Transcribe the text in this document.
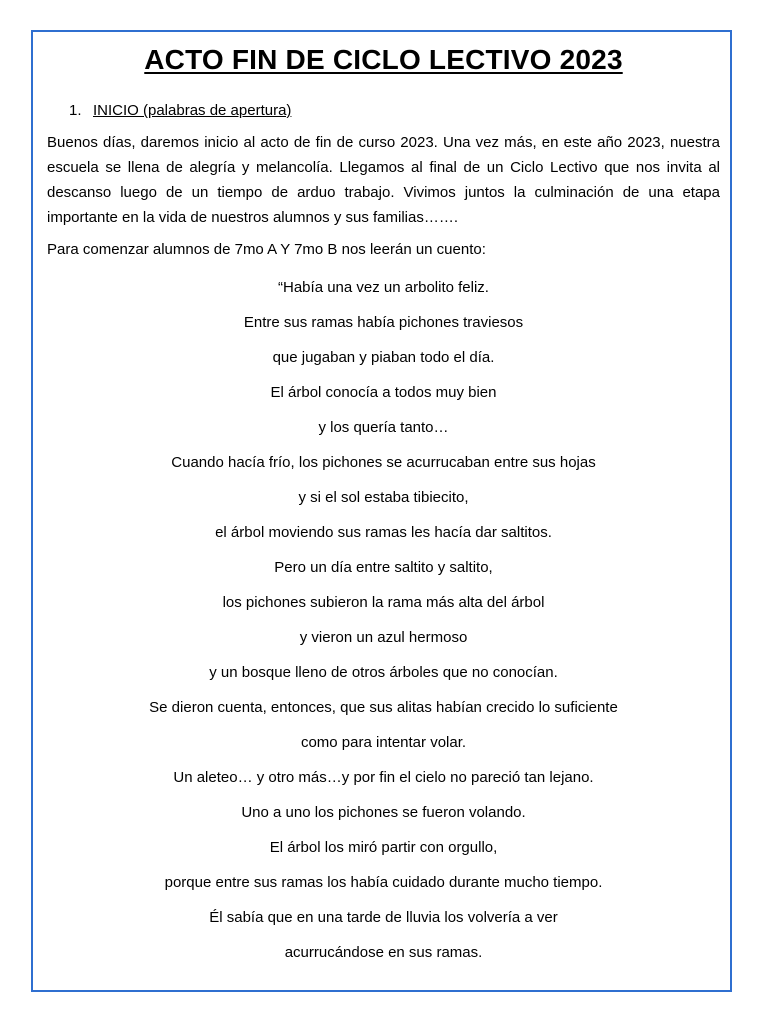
ACTO FIN DE CICLO LECTIVO 2023
1. INICIO (palabras de apertura)

Buenos días, daremos inicio al acto de fin de curso 2023. Una vez más, en este año 2023, nuestra escuela se llena de alegría y melancolía. Llegamos al final de un Ciclo Lectivo que nos invita al descanso luego de un tiempo de arduo trabajo. Vivimos juntos la culminación de una etapa importante en la vida de nuestros alumnos y sus familias…….

Para comenzar alumnos de 7mo A Y 7mo B nos leerán un cuento:

“Había una vez un arbolito feliz.
Entre sus ramas había pichones traviesos
que jugaban y piaban todo el día.
El árbol conocía a todos muy bien
y los quería tanto…
Cuando hacía frío, los pichones se acurrucaban entre sus hojas
y si el sol estaba tibiecito,
el árbol moviendo sus ramas les hacía dar saltitos.
Pero un día entre saltito y saltito,
los pichones subieron la rama más alta del árbol
y vieron un azul hermoso
y un bosque lleno de otros árboles que no conocían.
Se dieron cuenta, entonces, que sus alitas habían crecido lo suficiente
como para intentar volar.
Un aleteo… y otro más…y por fin el cielo no pareció tan lejano.
Uno a uno los pichones se fueron volando.
El árbol los miró partir con orgullo,
porque entre sus ramas los había cuidado durante mucho tiempo.
Él sabía que en una tarde de lluvia los volvería a ver
acurrucándose en sus ramas.
